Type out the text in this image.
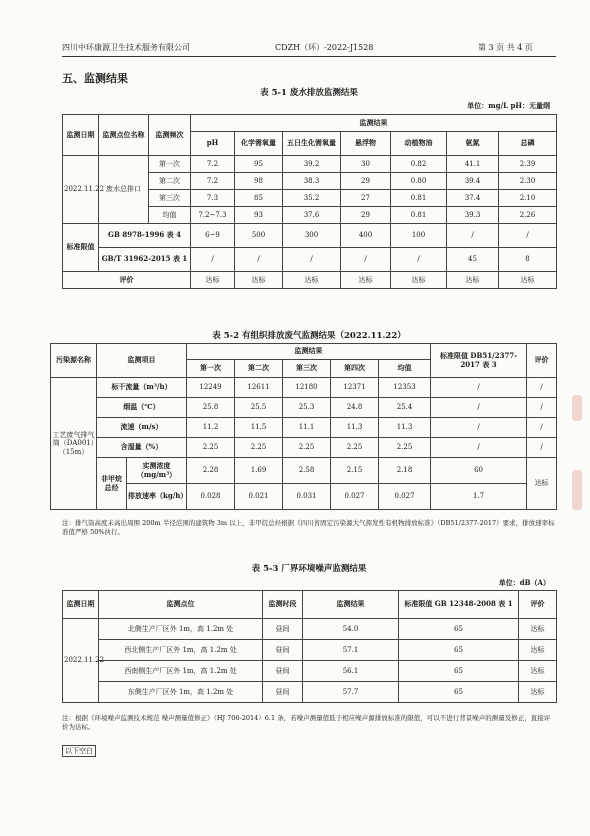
四川中环康源卫生技术服务有限公司	CDZH（环）-2022-J1528	第 3 页 共 4 页
五、监测结果
表 5-1 废水排放监测结果
单位：mg/L pH：无量纲
监测日期	监测点位名称	监测频次	监测结果						
			pH	化学需氧量	五日生化需氧量	悬浮物	动植物油	氨氮	总磷
2022.11.22	废水总排口	第一次	7.2	95	39.2	30	0.82	41.1	2.39
		第二次	7.2	98	38.3	29	0.80	39.4	2.30
		第三次	7.3	85	35.2	27	0.81	37.4	2.10
		均值	7.2~7.3	93	37.6	29	0.81	39.3	2.26
标准限值	GB 8978-1996 表 4		6~9	500	300	400	100	/	/
	GB/T 31962-2015 表 1		/	/	/	/	/	45	8
评价			达标	达标	达标	达标	达标	达标	达标
表 5-2 有组织排放废气监测结果（2022.11.22）
污染源名称	监测项目		监测结果					标准限值 DB51/2377-2017 表 3	评价
			第一次	第二次	第三次	第四次	均值		
工艺废气排气筒（DA001）（15m）	标干流量（m³/h）		12249	12611	12180	12371	12353	/	/
	烟温（℃）		25.8	25.5	25.3	24.8	25.4	/	/
	流速（m/s）		11.2	11.5	11.1	11.3	11.3	/	/
	含湿量（%）		2.25	2.25	2.25	2.25	2.25	/	/
	非甲烷总烃	实测浓度（mg/m³）	2.28	1.69	2.58	2.15	2.18	60	达标
		排放速率（kg/h）	0.028	0.021	0.031	0.027	0.027	1.7	
注：排气筒高度未高出周围 200m 半径范围的建筑物 3m 以上，非甲烷总烃根据《四川省固定污染源大气挥发性有机物排放标准》（DB51/2377-2017）要求，排放速率标准值严格 50%执行。
表 5-3 厂界环境噪声监测结果
单位：dB（A）
监测日期	监测点位	监测时段	监测结果	标准限值 GB 12348-2008 表 1	评价
2022.11.22	北侧生产厂区外 1m，高 1.2m 处	昼间	54.0	65	达标
	西北侧生产厂区外 1m，高 1.2m 处	昼间	57.1	65	达标
	西南侧生产厂区外 1m，高 1.2m 处	昼间	56.1	65	达标
	东侧生产厂区外 1m，高 1.2m 处	昼间	57.7	65	达标
注：根据《环境噪声监测技术规范 噪声测量值修正》（HJ 706-2014）6.1 条，若噪声测量值低于相应噪声源排放标准的限值，可以不进行背景噪声的测量及修正，直接评价为达标。
以下空白
